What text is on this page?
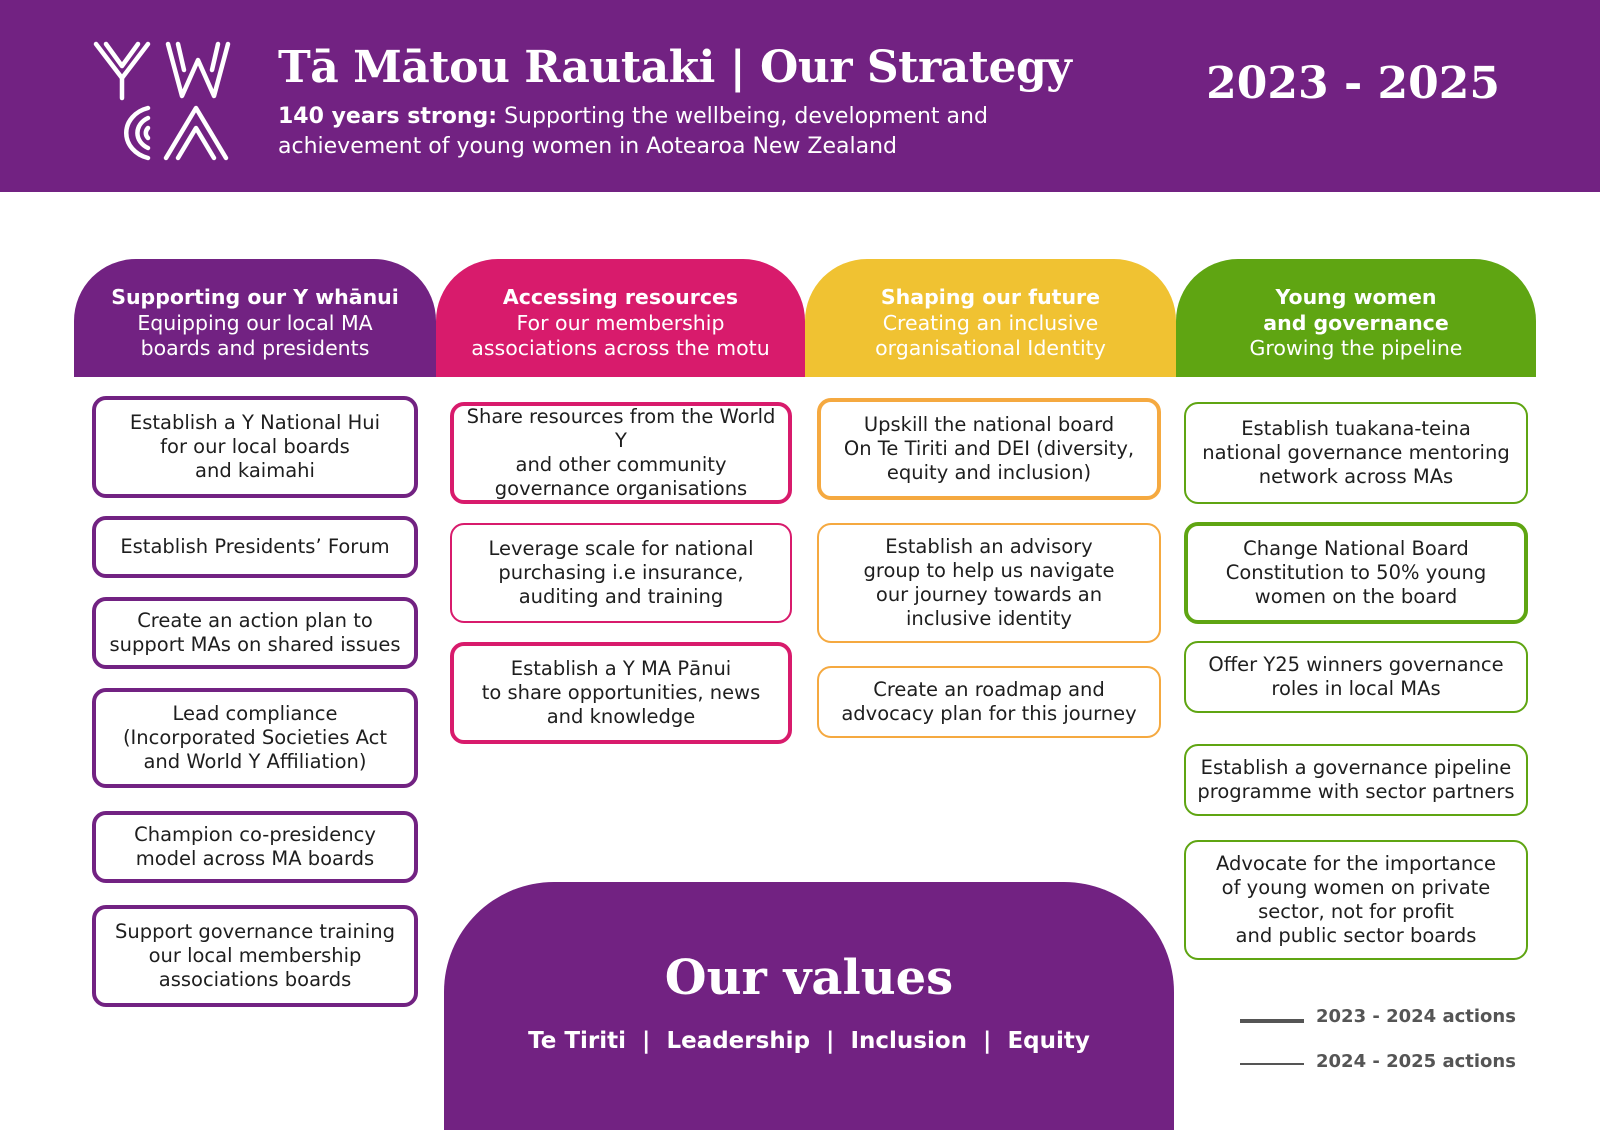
Tā Mātou Rautaki | Our Strategy
140 years strong: Supporting the wellbeing, development and achievement of young women in Aotearoa New Zealand
2023 - 2025
Supporting our Y whānui
Equipping our local MA boards and presidents
Accessing resources
For our membership associations across the motu
Shaping our future
Creating an inclusive organisational Identity
Young women and governance
Growing the pipeline
Establish a Y National Hui
for our local boards
and kaimahi
Establish Presidents’ Forum
Create an action plan to
support MAs on shared issues
Lead compliance
(Incorporated Societies Act
and World Y Affiliation)
Champion co-presidency
model across MA boards
Support governance training
our local membership
associations boards
Share resources from the World Y
and other community
governance organisations
Leverage scale for national
purchasing i.e insurance,
auditing and training
Establish a Y MA Pānui
to share opportunities, news
and knowledge
Upskill the national board
On Te Tiriti and DEI (diversity,
equity and inclusion)
Establish an advisory
group to help us navigate
our journey towards an
inclusive identity
Create an roadmap and
advocacy plan for this journey
Establish tuakana-teina
national governance mentoring
network across MAs
Change National Board
Constitution to 50% young
women on the board
Offer Y25 winners governance
roles in local MAs
Establish a governance pipeline
programme with sector partners
Advocate for the importance
of young women on private
sector, not for profit
and public sector boards
Our values
Te Tiriti  |  Leadership  |  Inclusion  |  Equity
2023 - 2024 actions
2024 - 2025 actions
